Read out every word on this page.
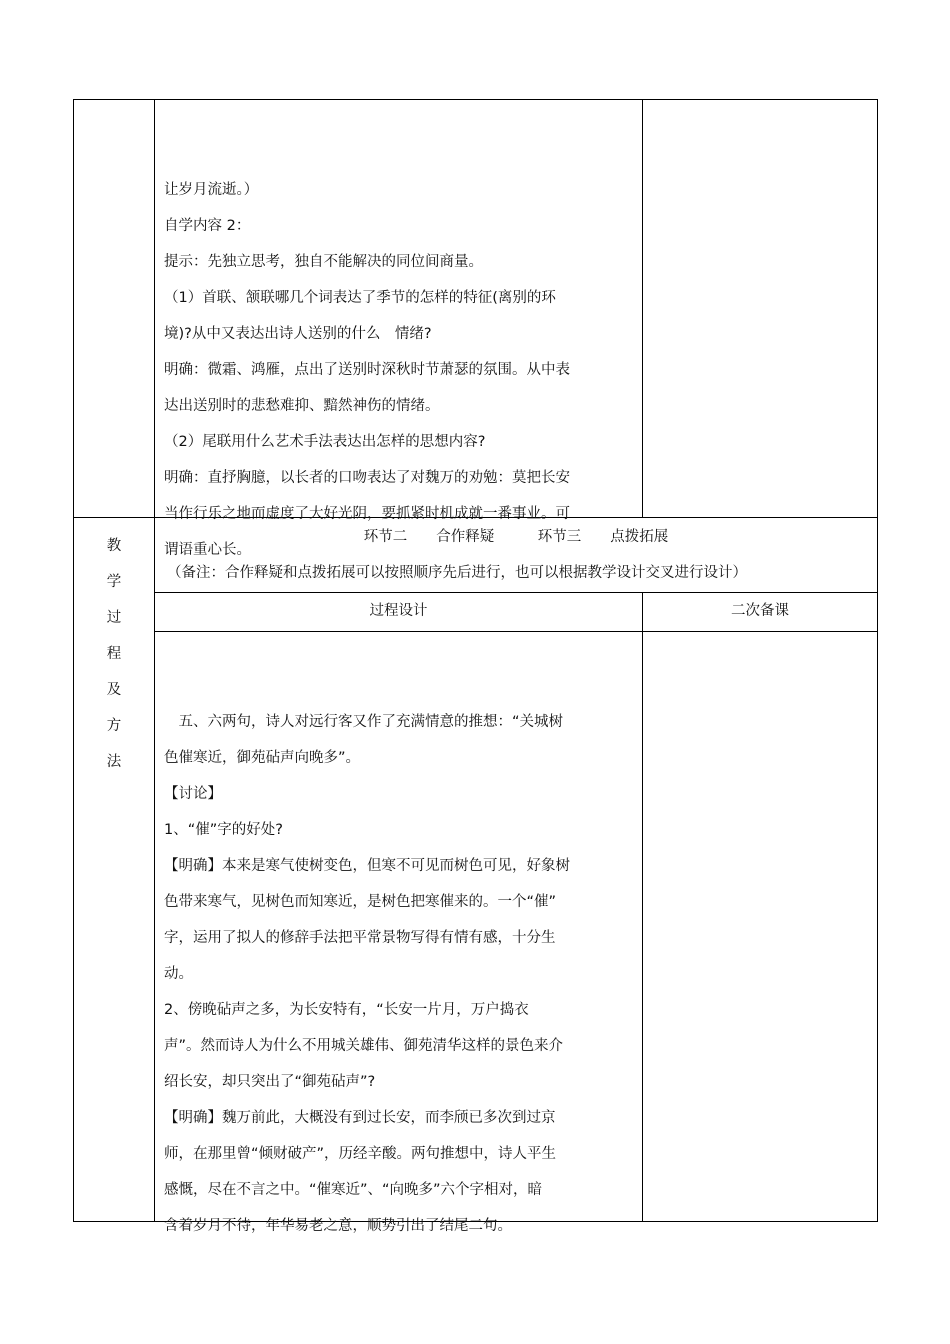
让岁月流逝。）

自学内容 2：

提示：先独立思考，独自不能解决的同位间商量。

（1）首联、颔联哪几个词表达了季节的怎样的特征(离别的环

境)?从中又表达出诗人送别的什么　情绪?

明确：微霜、鸿雁，点出了送别时深秋时节萧瑟的氛围。从中表

达出送别时的悲愁难抑、黯然神伤的情绪。

（2）尾联用什么艺术手法表达出怎样的思想内容?

明确：直抒胸臆，以长者的口吻表达了对魏万的劝勉：莫把长安

当作行乐之地而虚度了大好光阴，要抓紧时机成就一番事业。可

谓语重心长。

教
学
过
程
及
方
法
环节二　　合作释疑　　　环节三　　点拨拓展
（备注：合作释疑和点拨拓展可以按照顺序先后进行，也可以根据教学设计交叉进行设计）
过程设计	二次备课

　五、六两句，诗人对远行客又作了充满情意的推想：“关城树

色催寒近，御苑砧声向晚多”。

【讨论】

1、“催”字的好处?

【明确】本来是寒气使树变色，但寒不可见而树色可见，好象树

色带来寒气，见树色而知寒近，是树色把寒催来的。一个“催”

字，运用了拟人的修辞手法把平常景物写得有情有感，十分生

动。

2、傍晚砧声之多，为长安特有，“长安一片月，万户捣衣

声”。然而诗人为什么不用城关雄伟、御苑清华这样的景色来介

绍长安，却只突出了“御苑砧声”?

【明确】魏万前此，大概没有到过长安，而李颀已多次到过京

师，在那里曾“倾财破产”，历经辛酸。两句推想中，诗人平生

感慨，尽在不言之中。“催寒近”、“向晚多”六个字相对，暗

含着岁月不待，年华易老之意，顺势引出了结尾二句。
